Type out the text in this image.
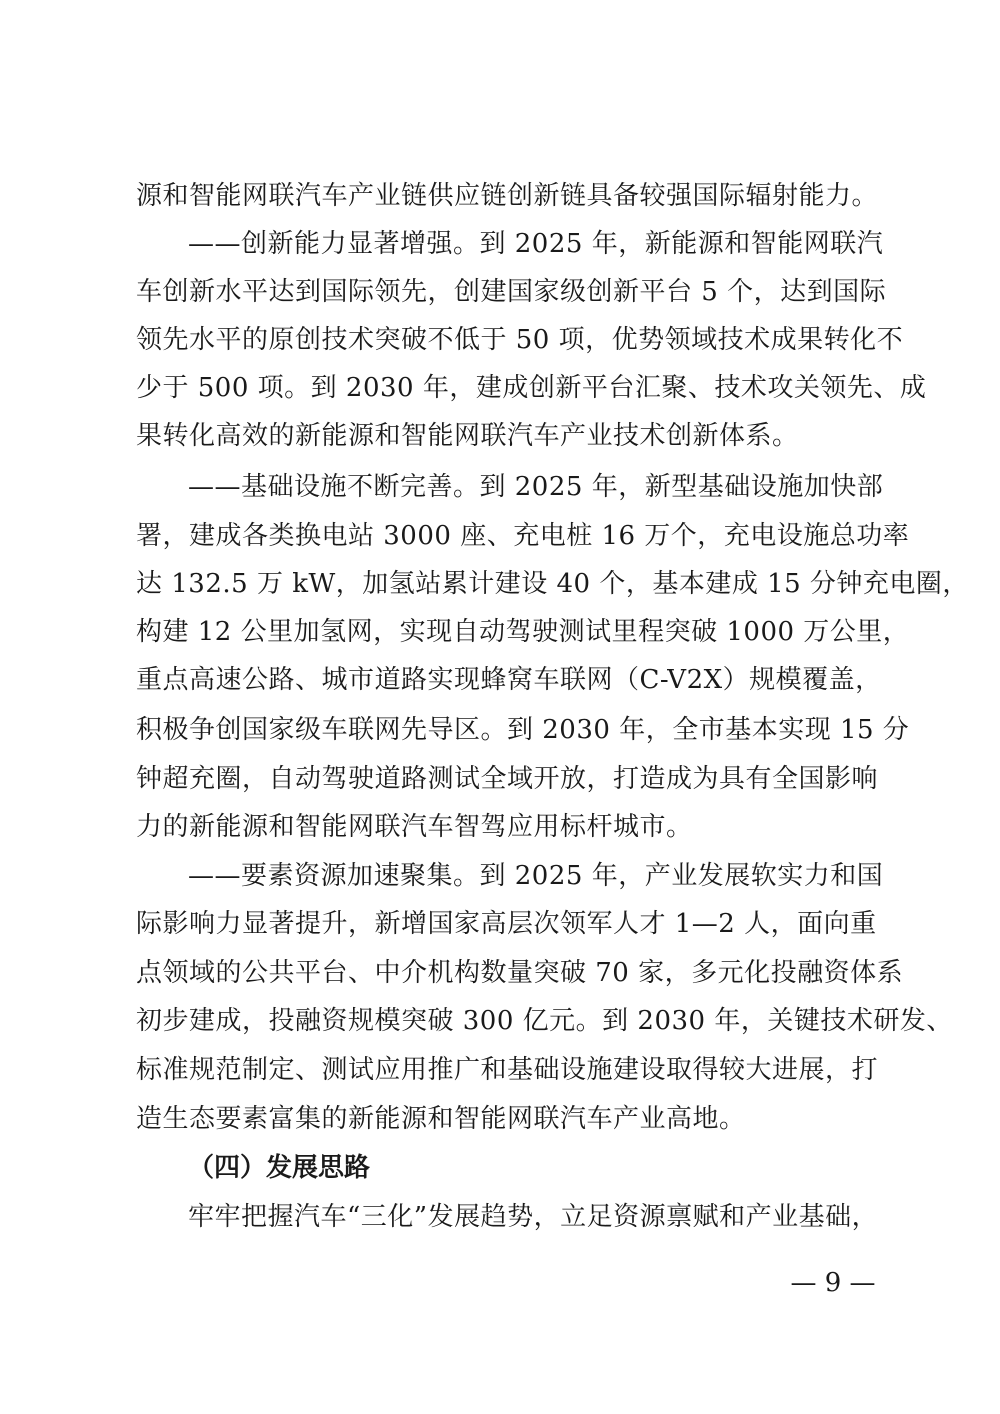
源和智能网联汽车产业链供应链创新链具备较强国际辐射能力。
——创新能力显著增强。到 2025 年，新能源和智能网联汽
车创新水平达到国际领先，创建国家级创新平台 5 个，达到国际
领先水平的原创技术突破不低于 50 项，优势领域技术成果转化不
少于 500 项。到 2030 年，建成创新平台汇聚、技术攻关领先、成
果转化高效的新能源和智能网联汽车产业技术创新体系。
——基础设施不断完善。到 2025 年，新型基础设施加快部
署，建成各类换电站 3000 座、充电桩 16 万个，充电设施总功率
达 132.5 万 kW，加氢站累计建设 40 个，基本建成 15 分钟充电圈，
构建 12 公里加氢网，实现自动驾驶测试里程突破 1000 万公里，
重点高速公路、城市道路实现蜂窝车联网（C-V2X）规模覆盖，
积极争创国家级车联网先导区。到 2030 年，全市基本实现 15 分
钟超充圈，自动驾驶道路测试全域开放，打造成为具有全国影响
力的新能源和智能网联汽车智驾应用标杆城市。
——要素资源加速聚集。到 2025 年，产业发展软实力和国
际影响力显著提升，新增国家高层次领军人才 1—2 人，面向重
点领域的公共平台、中介机构数量突破 70 家，多元化投融资体系
初步建成，投融资规模突破 300 亿元。到 2030 年，关键技术研发、
标准规范制定、测试应用推广和基础设施建设取得较大进展，打
造生态要素富集的新能源和智能网联汽车产业高地。
（四）发展思路
牢牢把握汽车“三化”发展趋势，立足资源禀赋和产业基础，
— 9 —
